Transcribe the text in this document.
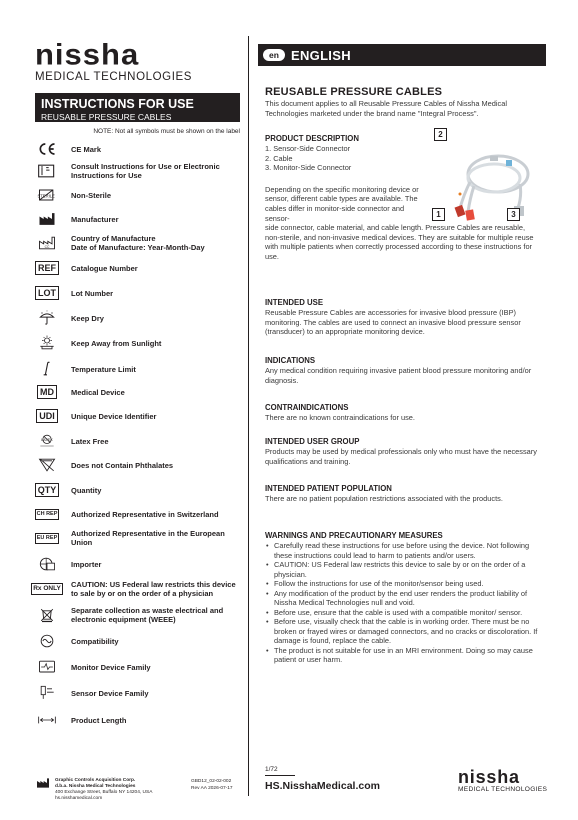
nissha
MEDICAL TECHNOLOGIES
INSTRUCTIONS FOR USE
REUSABLE PRESSURE CABLES
NOTE: Not all symbols must be shown on the label
CE Mark
Consult Instructions for Use or Electronic Instructions for Use
STERILE Non-Sterile
Manufacturer
CC
Country of Manufacture
Date of Manufacture: Year-Month-Day
REF	Catalogue Number
LOT	Lot Number
Keep Dry
Keep Away from Sunlight
Temperature Limit
MD	Medical Device
UDI	Unique Device Identifier
LATEX Latex Free
Does not Contain Phthalates
QTY	Quantity
CH REP Authorized Representative in Switzerland
EU REP Authorized Representative in the European Union
Importer
Rx ONLY CAUTION: US Federal law restricts this device to sale by or on the order of a physician
Separate collection as waste electrical and electronic equipment (WEEE)
Compatibility
Monitor Device Family
Sensor Device Family
Product Length
Graphic Controls Acquisition Corp.
d.b.a. Nissha Medical Technologies
400 Exchange Street, Buffalo NY 14204, USA
hs.nisshamedical.com
GBD12_02-02-002
Rev AA 2026-07-17
en ENGLISH
REUSABLE PRESSURE CABLES
This document applies to all Reusable Pressure Cables of Nissha Medical Technologies marketed under the brand name "Integral Process".
PRODUCT DESCRIPTION
1. Sensor-Side Connector
2. Cable
3. Monitor-Side Connector
Depending on the specific monitoring device or sensor, different cable types are available. The cables differ in monitor-side connector and sensor-
side connector, cable material, and cable length. Pressure Cables are reusable, non-sterile, and non-invasive medical devices. They are suitable for multiple reuse with multiple patients when correctly processed according to these instructions for use.
2
1	3
INTENDED USE
Reusable Pressure Cables are accessories for invasive blood pressure (IBP) monitoring. The cables are used to connect an invasive blood pressure sensor (transducer) to an appropriate monitoring device.
INDICATIONS
Any medical condition requiring invasive patient blood pressure monitoring and/or diagnosis.
CONTRAINDICATIONS
There are no known contraindications for use.
INTENDED USER GROUP
Products may be used by medical professionals only who must have the necessary qualifications and training.
INTENDED PATIENT POPULATION
There are no patient population restrictions associated with the products.
WARNINGS AND PRECAUTIONARY MEASURES
• Carefully read these instructions for use before using the device. Not following these instructions could lead to harm to patients and/or users.
• CAUTION: US Federal law restricts this device to sale by or on the order of a physician.
• Follow the instructions for use of the monitor/sensor being used.
• Any modification of the product by the end user renders the product liability of Nissha Medical Technologies null and void.
• Before use, ensure that the cable is used with a compatible monitor/ sensor.
• Before use, visually check that the cable is in working order. There must be no broken or frayed wires or damaged connectors, and no cracks or discoloration. If damage is found, replace the cable.
• The product is not suitable for use in an MRI environment. Doing so may cause patient or user harm.
1/72
HS.NisshaMedical.com	nissha
MEDICAL TECHNOLOGIES
